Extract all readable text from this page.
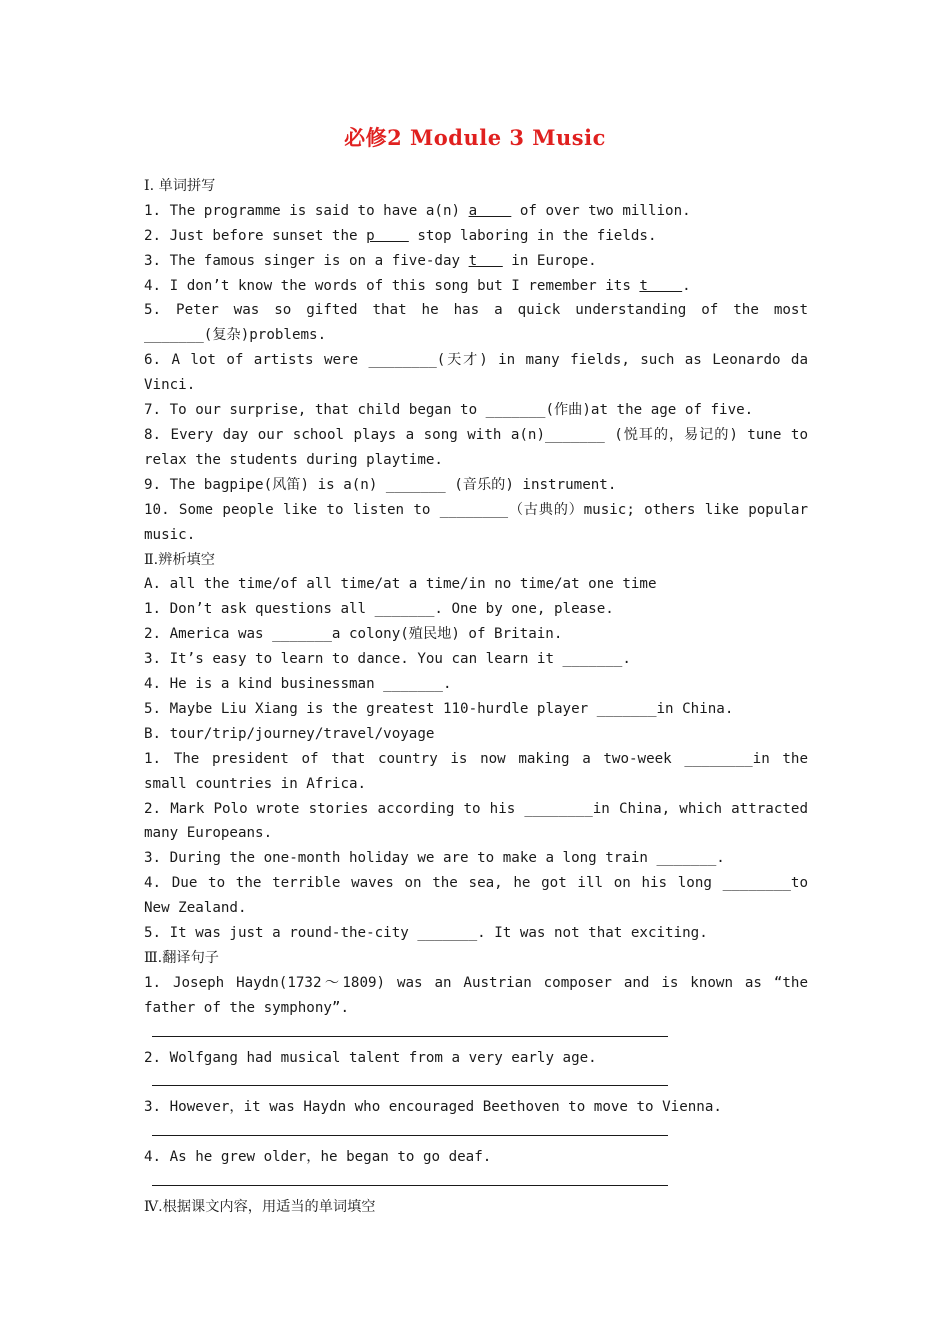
必修2 Module 3 Music
Ⅰ. 单词拼写
1. The programme is said to have a(n) a     of over two million.
2. Just before sunset the p     stop laboring in the fields.
3. The famous singer is on a five-day t    in Europe.
4. I don’t know the words of this song but I remember its t    .
5. Peter was so gifted that he has a quick understanding of the most _______(复杂)problems.
6. A lot of artists were ________(天才) in many fields, such as Leonardo da Vinci.
7. To our surprise, that child began to _______(作曲)at the age of five.
8. Every day our school plays a song with a(n)_______ (悦耳的，易记的) tune to relax the students during playtime.
9. The bagpipe(风笛) is a(n) _______ (音乐的) instrument.
10. Some people like to listen to ________（古典的）music; others like popular music.
Ⅱ.辨析填空
A. all the time/of all time/at a time/in no time/at one time
1. Don’t ask questions all _______. One by one, please.
2. America was _______a colony(殖民地) of Britain.
3. It’s easy to learn to dance. You can learn it _______.
4. He is a kind businessman _______.
5. Maybe Liu Xiang is the greatest 110-hurdle player _______in China.
B. tour/trip/journey/travel/voyage
1. The president of that country is now making a two-week ________in the small countries in Africa.
2. Mark Polo wrote stories according to his ________in China, which attracted many Europeans.
3. During the one-month holiday we are to make a long train _______.
4. Due to the terrible waves on the sea, he got ill on his long ________to New Zealand.
5. It was just a round-the-city _______. It was not that exciting.
Ⅲ.翻译句子
1. Joseph Haydn(1732～1809) was an Austrian composer and is known as “the father of the symphony”.
2. Wolfgang had musical talent from a very early age.
3. However，it was Haydn who encouraged Beethoven to move to Vienna.
4. As he grew older，he began to go deaf.
Ⅳ.根据课文内容，用适当的单词填空
